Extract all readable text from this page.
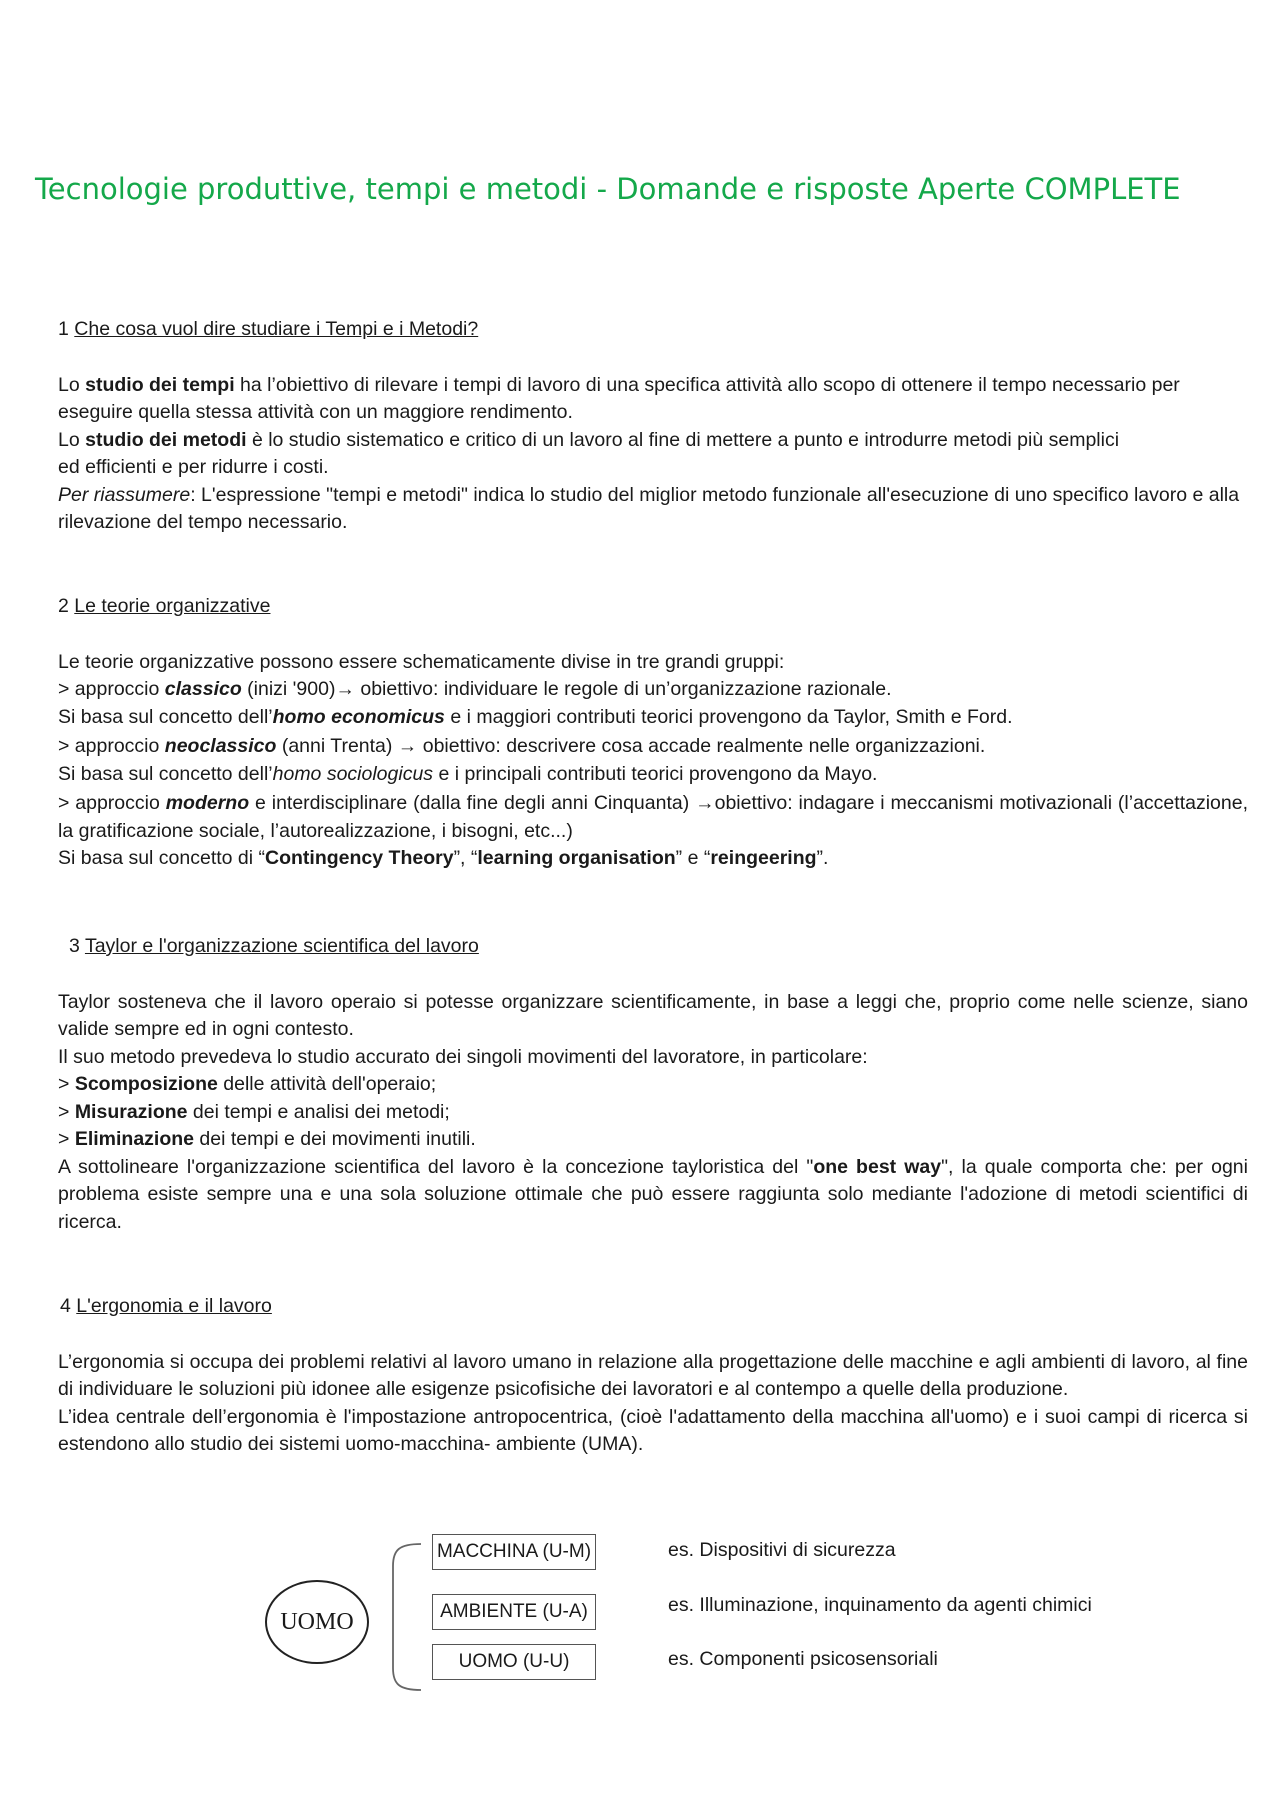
Tecnologie produttive, tempi e metodi - Domande e risposte Aperte COMPLETE

1 Che cosa vuol dire studiare i Tempi e i Metodi?

Lo studio dei tempi ha l’obiettivo di rilevare i tempi di lavoro di una specifica attività allo scopo di ottenere il tempo necessario per eseguire quella stessa attività con un maggiore rendimento.

Lo studio dei metodi è lo studio sistematico e critico di un lavoro al fine di mettere a punto e introdurre metodi più semplici
ed efficienti e per ridurre i costi.

Per riassumere: L'espressione "tempi e metodi" indica lo studio del miglior metodo funzionale all'esecuzione di uno specifico lavoro e alla rilevazione del tempo necessario.

2 Le teorie organizzative

Le teorie organizzative possono essere schematicamente divise in tre grandi gruppi:

> approccio classico (inizi '900)→ obiettivo: individuare le regole di un’organizzazione razionale.
Si basa sul concetto dell’homo economicus e i maggiori contributi teorici provengono da Taylor, Smith e Ford.

> approccio neoclassico (anni Trenta) → obiettivo: descrivere cosa accade realmente nelle organizzazioni.
Si basa sul concetto dell’homo sociologicus e i principali contributi teorici provengono da Mayo.

> approccio moderno e interdisciplinare (dalla fine degli anni Cinquanta) →obiettivo: indagare i meccanismi motivazionali (l’accettazione, la gratificazione sociale, l’autorealizzazione, i bisogni, etc...)

Si basa sul concetto di “Contingency Theory”, “learning organisation” e “reingeering”.

3 Taylor e l'organizzazione scientifica del lavoro

Taylor sosteneva che il lavoro operaio si potesse organizzare scientificamente, in base a leggi che, proprio come nelle scienze, siano valide sempre ed in ogni contesto.

Il suo metodo prevedeva lo studio accurato dei singoli movimenti del lavoratore, in particolare:

> Scomposizione delle attività dell'operaio;

> Misurazione dei tempi e analisi dei metodi;

> Eliminazione dei tempi e dei movimenti inutili.

A sottolineare l'organizzazione scientifica del lavoro è la concezione tayloristica del "one best way", la quale comporta che: per ogni problema esiste sempre una e una sola soluzione ottimale che può essere raggiunta solo mediante l'adozione di metodi scientifici di ricerca.

4 L'ergonomia e il lavoro

L’ergonomia si occupa dei problemi relativi al lavoro umano in relazione alla progettazione delle macchine e agli ambienti di lavoro, al fine di individuare le soluzioni più idonee alle esigenze psicofisiche dei lavoratori e al contempo a quelle della produzione.

L’idea centrale dell’ergonomia è l'impostazione antropocentrica, (cioè l'adattamento della macchina all'uomo) e i suoi campi di ricerca si estendono allo studio dei sistemi uomo-macchina- ambiente (UMA).

UOMO
MACCHINA (U-M)
AMBIENTE (U-A)
UOMO (U-U)
es. Dispositivi di sicurezza
es. Illuminazione, inquinamento da agenti chimici
es. Componenti psicosensoriali
